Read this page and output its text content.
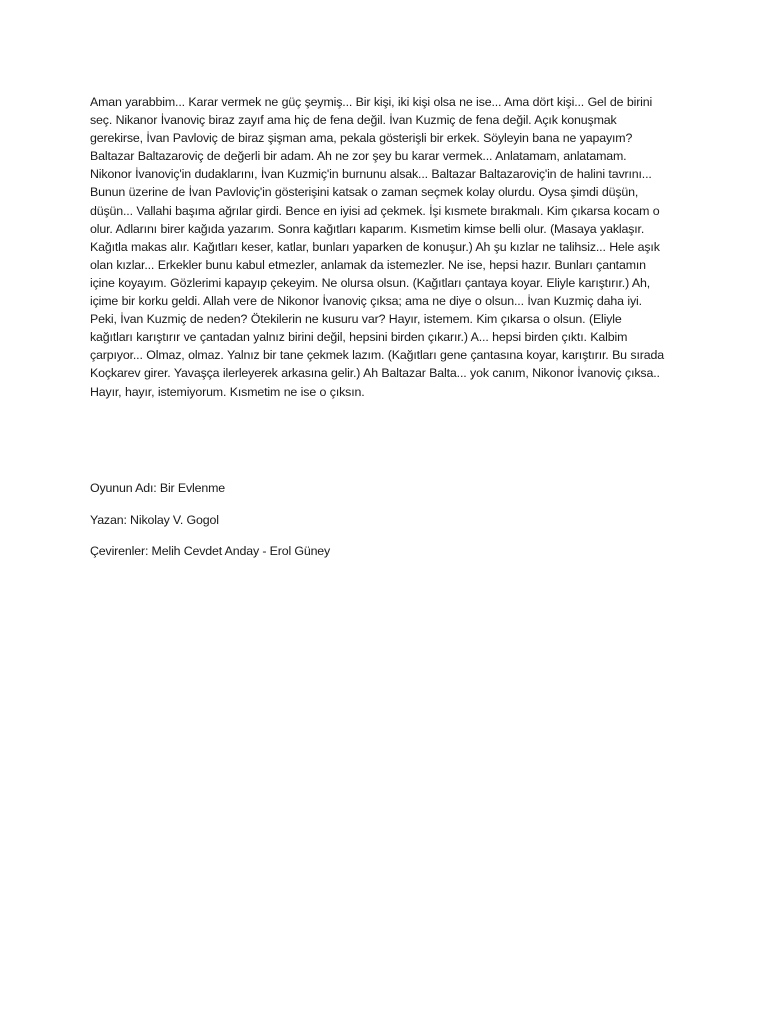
Aman yarabbim... Karar vermek ne güç şeymiş... Bir kişi, iki kişi olsa ne ise... Ama dört kişi... Gel de birini
seç. Nikanor İvanoviç biraz zayıf ama hiç de fena değil. İvan Kuzmiç de fena değil. Açık konuşmak
gerekirse, İvan Pavloviç de biraz şişman ama, pekala gösterişli bir erkek. Söyleyin bana ne yapayım?
Baltazar Baltazaroviç de değerli bir adam. Ah ne zor şey bu karar vermek... Anlatamam, anlatamam.
Nikonor İvanoviç'in dudaklarını, İvan Kuzmiç'in burnunu alsak... Baltazar Baltazaroviç'in de halini tavrını...
Bunun üzerine de İvan Pavloviç'in gösterişini katsak o zaman seçmek kolay olurdu. Oysa şimdi düşün,
düşün... Vallahi başıma ağrılar girdi. Bence en iyisi ad çekmek. İşi kısmete bırakmalı. Kim çıkarsa kocam o
olur. Adlarını birer kağıda yazarım. Sonra kağıtları kaparım. Kısmetim kimse belli olur. (Masaya yaklaşır.
Kağıtla makas alır. Kağıtları keser, katlar, bunları yaparken de konuşur.) Ah şu kızlar ne talihsiz... Hele aşık
olan kızlar... Erkekler bunu kabul etmezler, anlamak da istemezler. Ne ise, hepsi hazır. Bunları çantamın
içine koyayım. Gözlerimi kapayıp çekeyim. Ne olursa olsun. (Kağıtları çantaya koyar. Eliyle karıştırır.) Ah,
içime bir korku geldi. Allah vere de Nikonor İvanoviç çıksa; ama ne diye o olsun... İvan Kuzmiç daha iyi.
Peki, İvan Kuzmiç de neden? Ötekilerin ne kusuru var? Hayır, istemem. Kim çıkarsa o olsun. (Eliyle
kağıtları karıştırır ve çantadan yalnız birini değil, hepsini birden çıkarır.) A... hepsi birden çıktı. Kalbim
çarpıyor... Olmaz, olmaz. Yalnız bir tane çekmek lazım. (Kağıtları gene çantasına koyar, karıştırır. Bu sırada
Koçkarev girer. Yavaşça ilerleyerek arkasına gelir.) Ah Baltazar Balta... yok canım, Nikonor İvanoviç çıksa..
Hayır, hayır, istemiyorum. Kısmetim ne ise o çıksın.

Oyunun Adı: Bir Evlenme
Yazan: Nikolay V. Gogol
Çevirenler: Melih Cevdet Anday - Erol Güney
